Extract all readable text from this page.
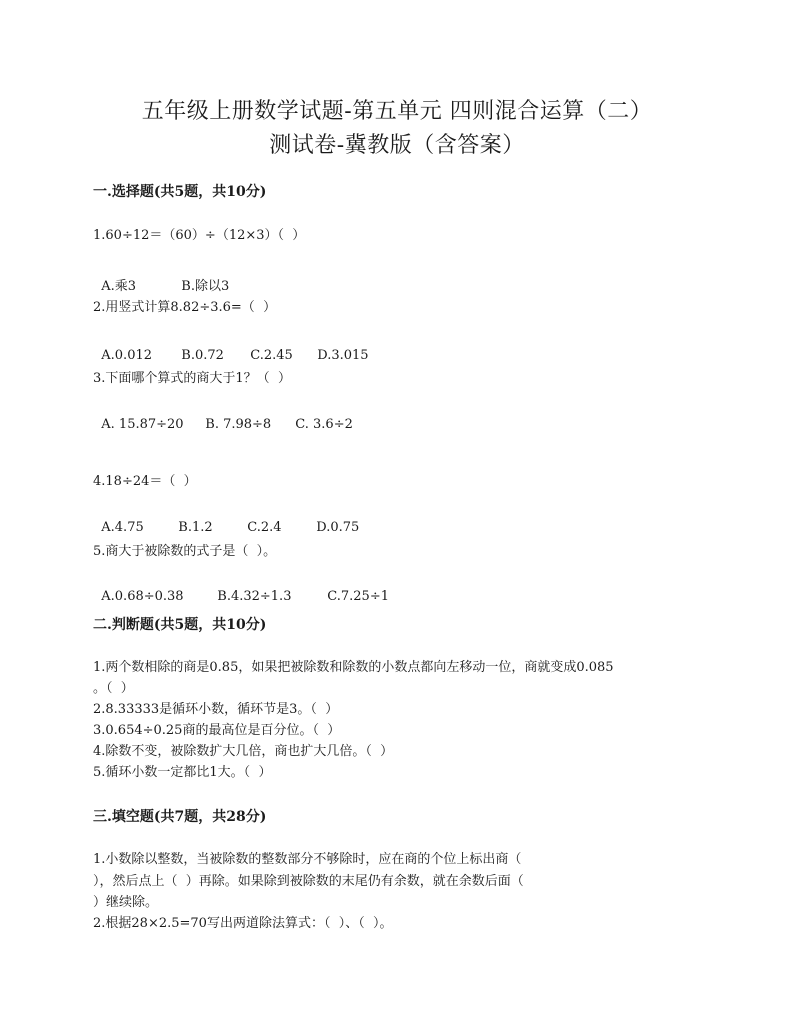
五年级上册数学试题-第五单元 四则混合运算（二）
测试卷-冀教版（含答案）
一.选择题(共5题，共10分)
1.60÷12＝（60）÷（12×3）（  ）

A.乘3	B.除以3

2.用竖式计算8.82÷3.6=（  ）

A.0.012 B.0.72 C.2.45 D.3.015

3.下面哪个算式的商大于1？（  ）

A. 15.87÷20 B. 7.98÷8 C. 3.6÷2

4.18÷24＝（  ）

A.4.75	B.1.2	C.2.4	D.0.75

5.商大于被除数的式子是（  ）。

A.0.68÷0.38	B.4.32÷1.3	C.7.25÷1

二.判断题(共5题，共10分)
1.两个数相除的商是0.85，如果把被除数和除数的小数点都向左移动一位，商就变成0.085
。（  ）
2.8.33333是循环小数，循环节是3。（  ）
3.0.654÷0.25商的最高位是百分位。（  ）
4.除数不变，被除数扩大几倍，商也扩大几倍。（  ）
5.循环小数一定都比1大。（  ）
三.填空题(共7题，共28分)
1.小数除以整数，当被除数的整数部分不够除时，应在商的个位上标出商（
），然后点上（  ）再除。如果除到被除数的末尾仍有余数，就在余数后面（
）继续除。
2.根据28×2.5=70写出两道除法算式：（  ）、（  ）。
